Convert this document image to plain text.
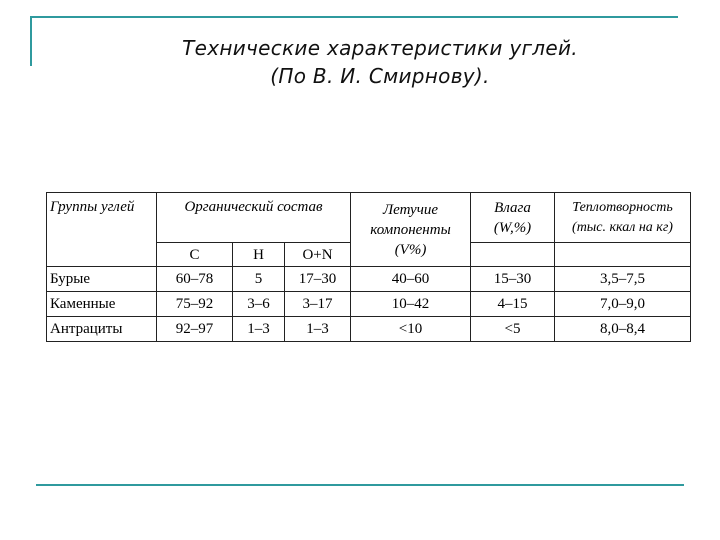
Технические характеристики углей.
(По В. И. Смирнову).
Группы углей	Органический состав			Летучие компоненты (V%)	Влага (W,%)	Теплотворность (тыс. ккал на кг)
	С	Н	О+N			
Бурые	60–78	5	17–30	40–60	15–30	3,5–7,5
Каменные	75–92	3–6	3–17	10–42	4–15	7,0–9,0
Антрациты	92–97	1–3	1–3	<10	<5	8,0–8,4
